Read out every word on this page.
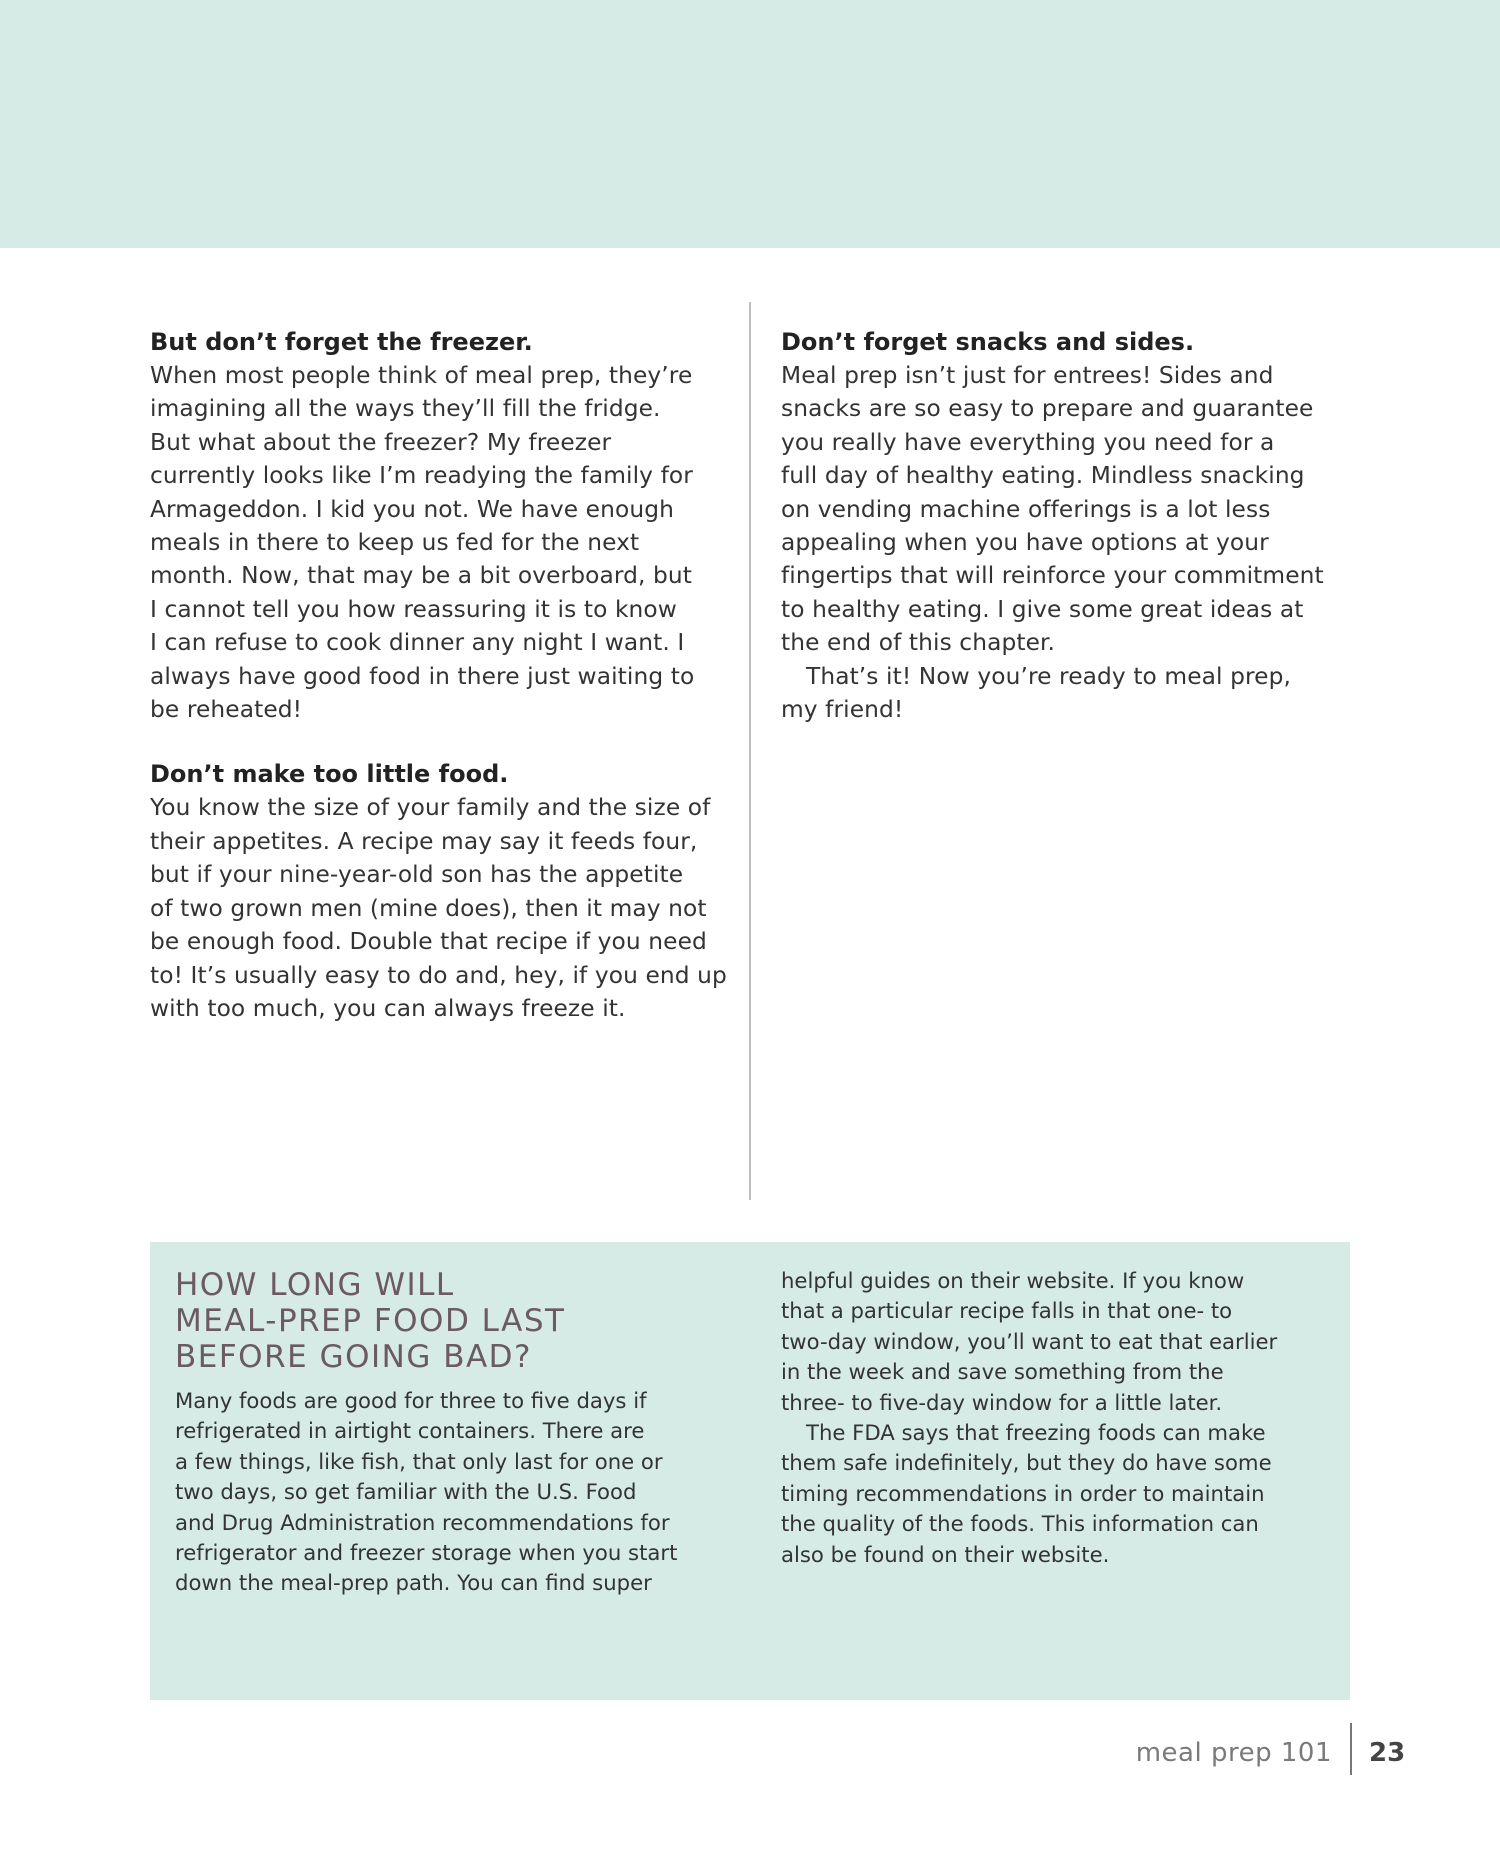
But don’t forget the freezer.

When most people think of meal prep, they’re
imagining all the ways they’ll fill the fridge.
But what about the freezer? My freezer
currently looks like I’m readying the family for
Armageddon. I kid you not. We have enough
meals in there to keep us fed for the next
month. Now, that may be a bit overboard, but
I cannot tell you how reassuring it is to know
I can refuse to cook dinner any night I want. I
always have good food in there just waiting to
be reheated!

Don’t make too little food.

You know the size of your family and the size of
their appetites. A recipe may say it feeds four,
but if your nine-year-old son has the appetite
of two grown men (mine does), then it may not
be enough food. Double that recipe if you need
to! It’s usually easy to do and, hey, if you end up
with too much, you can always freeze it.

Don’t forget snacks and sides.

Meal prep isn’t just for entrees! Sides and
snacks are so easy to prepare and guarantee
you really have everything you need for a
full day of healthy eating. Mindless snacking
on vending machine offerings is a lot less
appealing when you have options at your
fingertips that will reinforce your commitment
to healthy eating. I give some great ideas at
the end of this chapter.
That’s it! Now you’re ready to meal prep,
my friend!

HOW LONG WILL
MEAL-PREP FOOD LAST
BEFORE GOING BAD?

Many foods are good for three to five days if
refrigerated in airtight containers. There are
a few things, like fish, that only last for one or
two days, so get familiar with the U.S. Food
and Drug Administration recommendations for
refrigerator and freezer storage when you start
down the meal-prep path. You can find super

helpful guides on their website. If you know
that a particular recipe falls in that one- to
two-day window, you’ll want to eat that earlier
in the week and save something from the
three- to five-day window for a little later.
The FDA says that freezing foods can make
them safe indefinitely, but they do have some
timing recommendations in order to maintain
the quality of the foods. This information can
also be found on their website.

meal prep 101 23
